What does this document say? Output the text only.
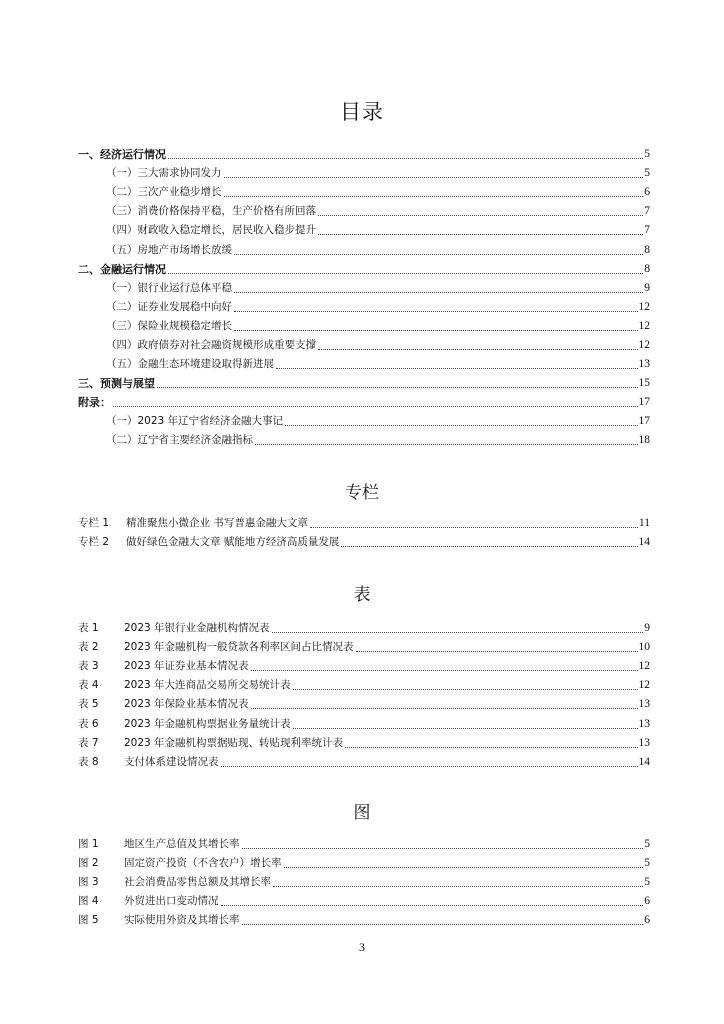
目录
一、经济运行情况	5
（一）三大需求协同发力	5
（二）三次产业稳步增长	6
（三）消费价格保持平稳，生产价格有所回落	7
（四）财政收入稳定增长，居民收入稳步提升	7
（五）房地产市场增长放缓	8
二、金融运行情况	8
（一）银行业运行总体平稳	9
（二）证券业发展稳中向好	12
（三）保险业规模稳定增长	12
（四）政府债券对社会融资规模形成重要支撑	12
（五）金融生态环境建设取得新进展	13
三、预测与展望	15
附录：	17
（一）2023 年辽宁省经济金融大事记	17
（二）辽宁省主要经济金融指标	18
专栏
专栏 1 精准聚焦小微企业 书写普惠金融大文章	11
专栏 2 做好绿色金融大文章 赋能地方经济高质量发展	14
表
表 1 2023 年银行业金融机构情况表	9
表 2 2023 年金融机构一般贷款各利率区间占比情况表	10
表 3 2023 年证券业基本情况表	12
表 4 2023 年大连商品交易所交易统计表	12
表 5 2023 年保险业基本情况表	13
表 6 2023 年金融机构票据业务量统计表	13
表 7 2023 年金融机构票据贴现、转贴现利率统计表	13
表 8 支付体系建设情况表	14
图
图 1 地区生产总值及其增长率	5
图 2 固定资产投资（不含农户）增长率	5
图 3 社会消费品零售总额及其增长率	5
图 4 外贸进出口变动情况	6
图 5 实际使用外资及其增长率	6
3
